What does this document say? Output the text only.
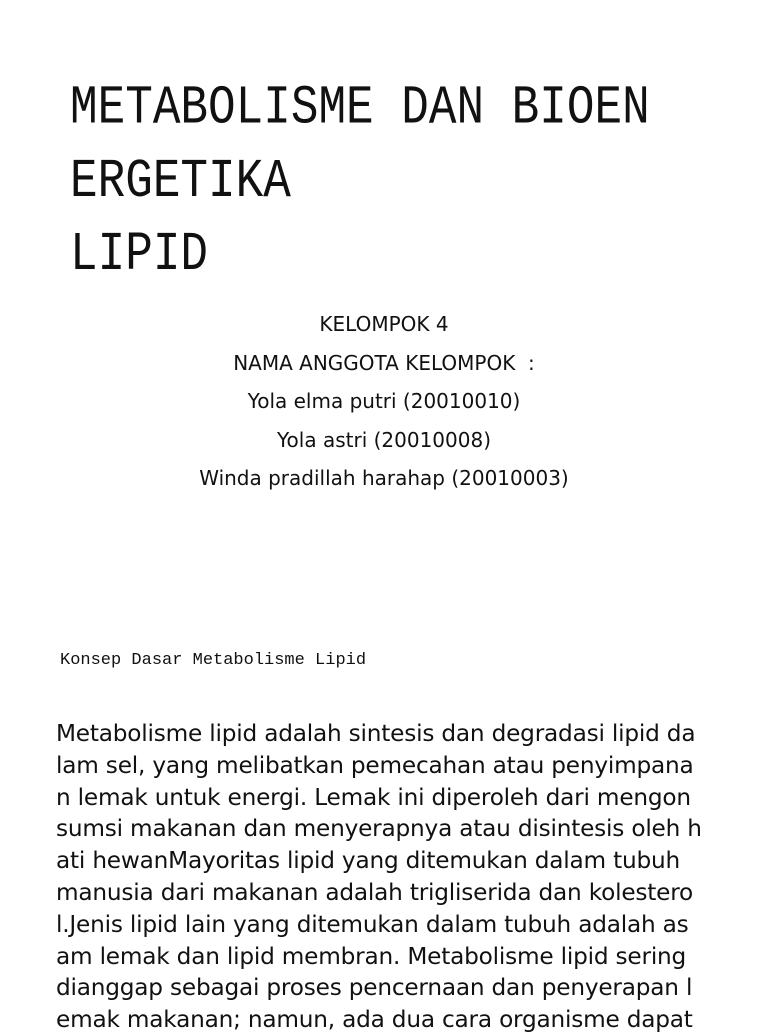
METABOLISME DAN BIOEN
ERGETIKA
LIPID
KELOMPOK 4
NAMA ANGGOTA KELOMPOK  :
Yola elma putri (20010010)
Yola astri (20010008)
Winda pradillah harahap (20010003)
Konsep Dasar Metabolisme Lipid
Metabolisme lipid adalah sintesis dan degradasi lipid da
lam sel, yang melibatkan pemecahan atau penyimpana
n lemak untuk energi. Lemak ini diperoleh dari mengon
sumsi makanan dan menyerapnya atau disintesis oleh h
ati hewanMayoritas lipid yang ditemukan dalam tubuh
manusia dari makanan adalah trigliserida dan kolestero
l.Jenis lipid lain yang ditemukan dalam tubuh adalah as
am lemak dan lipid membran. Metabolisme lipid sering
dianggap sebagai proses pencernaan dan penyerapan l
emak makanan; namun, ada dua cara organisme dapat
